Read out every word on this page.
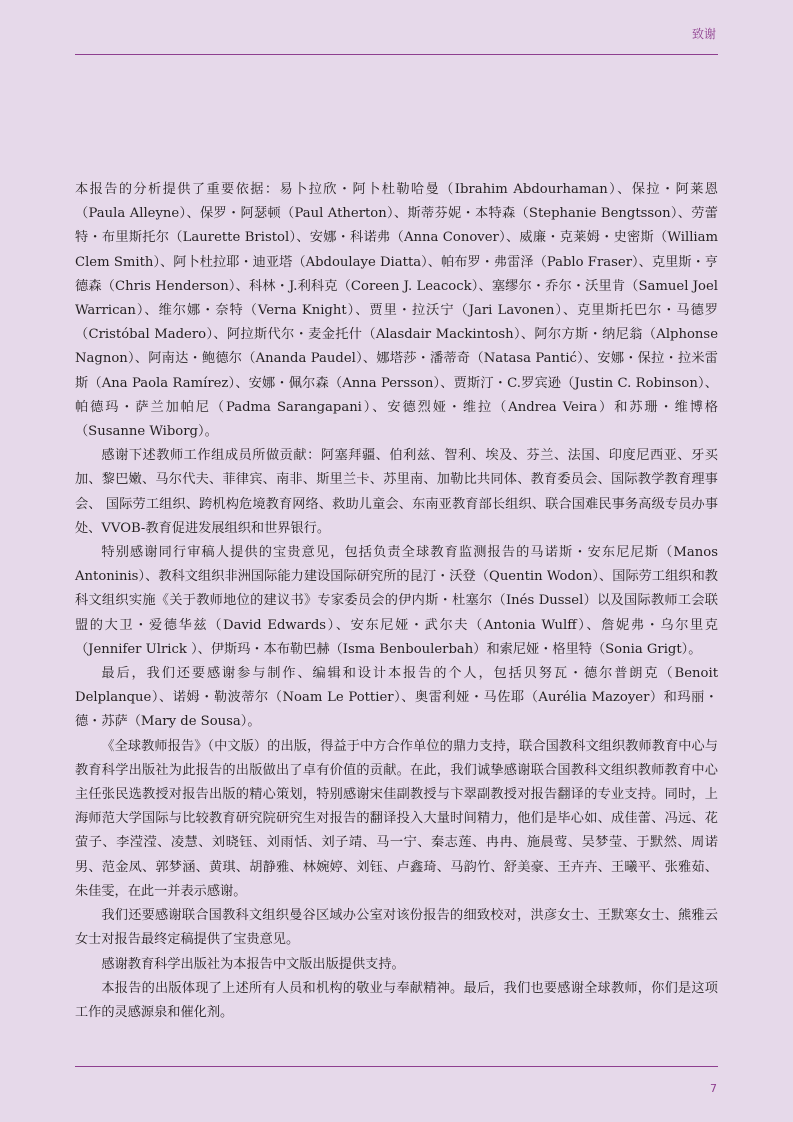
致谢

本报告的分析提供了重要依据：易卜拉欣・阿卜杜勒哈曼（Ibrahim Abdourhaman）、保拉・阿莱恩（Paula Alleyne）、保罗・阿瑟顿（Paul Atherton）、斯蒂芬妮・本特森（Stephanie Bengtsson）、劳蕾特・布里斯托尔（Laurette Bristol）、安娜・科诺弗（Anna Conover）、威廉・克莱姆・史密斯（William Clem Smith）、阿卜杜拉耶・迪亚塔（Abdoulaye Diatta）、帕布罗・弗雷泽（Pablo Fraser）、克里斯・亨德森（Chris Henderson）、科林・J.利科克（Coreen J. Leacock）、塞缪尔・乔尔・沃里肯（Samuel Joel Warrican）、维尔娜・奈特（Verna Knight）、贾里・拉沃宁（Jari Lavonen）、克里斯托巴尔・马德罗（Cristóbal Madero）、阿拉斯代尔・麦金托什（Alasdair Mackintosh）、阿尔方斯・纳尼翁（Alphonse Nagnon）、阿南达・鲍德尔（Ananda Paudel）、娜塔莎・潘蒂奇（Natasa Pantić）、安娜・保拉・拉米雷斯（Ana Paola Ramírez）、安娜・佩尔森（Anna Persson）、贾斯汀・C.罗宾逊（Justin C. Robinson）、帕德玛・萨兰加帕尼（Padma Sarangapani）、安德烈娅・维拉（Andrea Veira）和苏珊・维博格（Susanne Wiborg）。

感谢下述教师工作组成员所做贡献：阿塞拜疆、伯利兹、智利、埃及、芬兰、法国、印度尼西亚、牙买加、黎巴嫩、马尔代夫、菲律宾、南非、斯里兰卡、苏里南、加勒比共同体、教育委员会、国际教学教育理事会、 国际劳工组织、跨机构危境教育网络、救助儿童会、东南亚教育部长组织、联合国难民事务高级专员办事处、VVOB-教育促进发展组织和世界银行。

特别感谢同行审稿人提供的宝贵意见，包括负责全球教育监测报告的马诺斯・安东尼尼斯（Manos Antoninis）、教科文组织非洲国际能力建设国际研究所的昆汀・沃登（Quentin Wodon）、国际劳工组织和教科文组织实施《关于教师地位的建议书》专家委员会的伊内斯・杜塞尔（Inés Dussel）以及国际教师工会联盟的大卫・爱德华兹（David Edwards）、安东尼娅・武尔夫（Antonia Wulff）、詹妮弗・乌尔里克（Jennifer Ulrick ）、伊斯玛・本布勒巴赫（Isma Benboulerbah）和索尼娅・格里特（Sonia Grigt）。

最后，我们还要感谢参与制作、编辑和设计本报告的个人，包括贝努瓦・德尔普朗克（Benoit Delplanque）、诺姆・勒波蒂尔（Noam Le Pottier）、奥雷利娅・马佐耶（Aurélia Mazoyer）和玛丽・德・苏萨（Mary de Sousa）。

《全球教师报告》（中文版）的出版，得益于中方合作单位的鼎力支持，联合国教科文组织教师教育中心与教育科学出版社为此报告的出版做出了卓有价值的贡献。在此，我们诚挚感谢联合国教科文组织教师教育中心主任张民选教授对报告出版的精心策划，特别感谢宋佳副教授与卞翠副教授对报告翻译的专业支持。同时，上海师范大学国际与比较教育研究院研究生对报告的翻译投入大量时间精力，他们是毕心如、成佳蕾、冯远、花萤子、李滢滢、凌慧、刘晓钰、刘雨恬、刘子靖、马一宁、秦志莲、冉冉、施晨莺、吴梦莹、于默然、周诺男、范金凤、郭梦涵、黄琪、胡静雅、林婉婷、刘钰、卢鑫琦、马韵竹、舒美豪、王卉卉、王曦平、张雅茹、朱佳雯，在此一并表示感谢。

我们还要感谢联合国教科文组织曼谷区域办公室对该份报告的细致校对，洪彦女士、王默寒女士、熊雅云女士对报告最终定稿提供了宝贵意见。

感谢教育科学出版社为本报告中文版出版提供支持。

本报告的出版体现了上述所有人员和机构的敬业与奉献精神。最后，我们也要感谢全球教师，你们是这项工作的灵感源泉和催化剂。

7
